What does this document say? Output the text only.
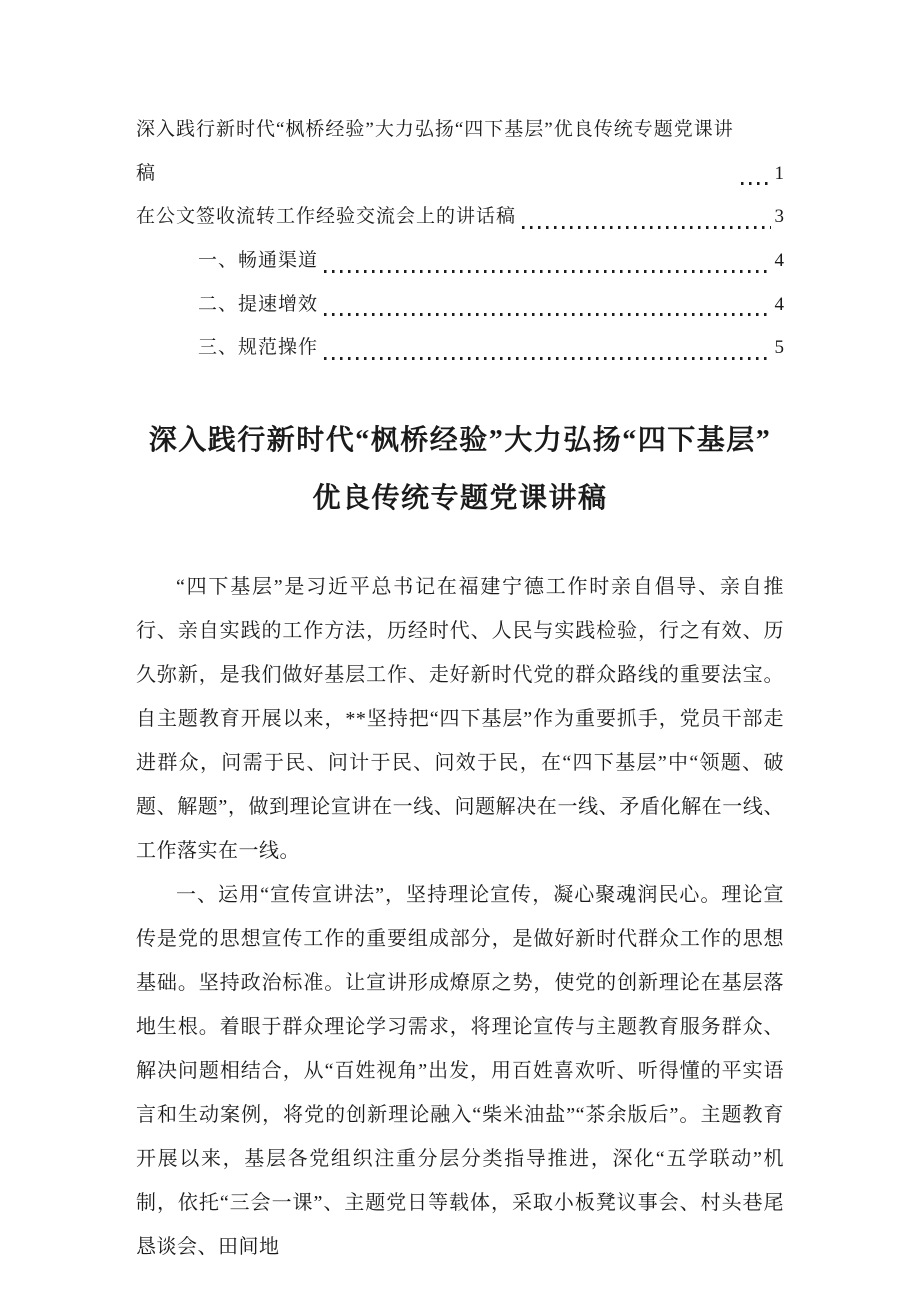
深入践行新时代“枫桥经验”大力弘扬“四下基层”优良传统专题党课讲稿	1
在公文签收流转工作经验交流会上的讲话稿	3
一、畅通渠道	4
二、提速增效	4
三、规范操作	5
深入践行新时代“枫桥经验”大力弘扬“四下基层”
优良传统专题党课讲稿

“四下基层”是习近平总书记在福建宁德工作时亲自倡导、亲自推行、亲自实践的工作方法，历经时代、人民与实践检验，行之有效、历久弥新，是我们做好基层工作、走好新时代党的群众路线的重要法宝。自主题教育开展以来，**坚持把“四下基层”作为重要抓手，党员干部走进群众，问需于民、问计于民、问效于民，在“四下基层”中“领题、破题、解题”，做到理论宣讲在一线、问题解决在一线、矛盾化解在一线、工作落实在一线。

一、运用“宣传宣讲法”，坚持理论宣传，凝心聚魂润民心。理论宣传是党的思想宣传工作的重要组成部分，是做好新时代群众工作的思想基础。坚持政治标准。让宣讲形成燎原之势，使党的创新理论在基层落地生根。着眼于群众理论学习需求，将理论宣传与主题教育服务群众、解决问题相结合，从“百姓视角”出发，用百姓喜欢听、听得懂的平实语言和生动案例，将党的创新理论融入“柴米油盐”“茶余版后”。主题教育开展以来，基层各党组织注重分层分类指导推进，深化“五学联动”机制，依托“三会一课”、主题党日等载体，采取小板凳议事会、村头巷尾恳谈会、田间地
